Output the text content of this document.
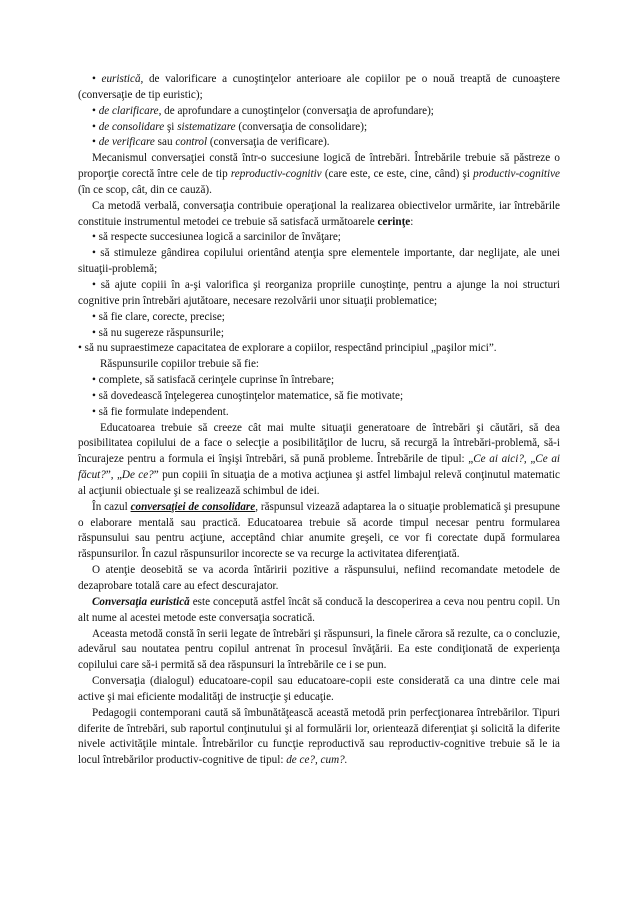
• euristică, de valorificare a cunoştinţelor anterioare ale copiilor pe o nouă treaptă de cunoaştere (conversaţie de tip euristic);

• de clarificare, de aprofundare a cunoştinţelor (conversaţia de aprofundare);

• de consolidare şi sistematizare (conversaţia de consolidare);

• de verificare sau control (conversaţia de verificare).

Mecanismul conversaţiei constă într-o succesiune logică de întrebări. Întrebările trebuie să păstreze o proporţie corectă între cele de tip reproductiv-cognitiv (care este, ce este, cine, când) şi productiv-cognitive (în ce scop, cât, din ce cauză).

Ca metodă verbală, conversaţia contribuie operaţional la realizarea obiectivelor urmărite, iar întrebările constituie instrumentul metodei ce trebuie să satisfacă următoarele cerinţe:

• să respecte succesiunea logică a sarcinilor de învăţare;

• să stimuleze gândirea copilului orientând atenţia spre elementele importante, dar neglijate, ale unei situaţii-problemă;

• să ajute copiii în a-şi valorifica şi reorganiza propriile cunoştinţe, pentru a ajunge la noi structuri cognitive prin întrebări ajutătoare, necesare rezolvării unor situaţii problematice;

• să fie clare, corecte, precise;

• să nu sugereze răspunsurile;

• să nu supraestimeze capacitatea de explorare a copiilor, respectând principiul „paşilor mici”.

Răspunsurile copiilor trebuie să fie:

• complete, să satisfacă cerinţele cuprinse în întrebare;

• să dovedească înţelegerea cunoştinţelor matematice, să fie motivate;

• să fie formulate independent.

Educatoarea trebuie să creeze cât mai multe situaţii generatoare de întrebări şi căutări, să dea posibilitatea copilului de a face o selecţie a posibilităţilor de lucru, să recurgă la întrebări-problemă, să-i încurajeze pentru a formula ei înşişi întrebări, să pună probleme. Întrebările de tipul: „Ce ai aici?, „Ce ai făcut?”, „De ce?” pun copiii în situaţia de a motiva acţiunea şi astfel limbajul relevă conţinutul matematic al acţiunii obiectuale şi se realizează schimbul de idei.

În cazul conversaţiei de consolidare, răspunsul vizează adaptarea la o situaţie problematică şi presupune o elaborare mentală sau practică. Educatoarea trebuie să acorde timpul necesar pentru formularea răspunsului sau pentru acţiune, acceptând chiar anumite greşeli, ce vor fi corectate după formularea răspunsurilor. În cazul răspunsurilor incorecte se va recurge la activitatea diferenţiată.

O atenţie deosebită se va acorda întăririi pozitive a răspunsului, nefiind recomandate metodele de dezaprobare totală care au efect descurajator.

Conversaţia euristică este concepută astfel încât să conducă la descoperirea a ceva nou pentru copil. Un alt nume al acestei metode este conversaţia socratică.

Aceasta metodă constă în serii legate de întrebări şi răspunsuri, la finele cărora să rezulte, ca o concluzie, adevărul sau noutatea pentru copilul antrenat în procesul învăţării. Ea este condiţionată de experienţa copilului care să-i permită să dea răspunsuri la întrebările ce i se pun.

Conversaţia (dialogul) educatoare-copil sau educatoare-copii este considerată ca una dintre cele mai active şi mai eficiente modalităţi de instrucţie şi educaţie.

Pedagogii contemporani caută să îmbunătăţească această metodă prin perfecţionarea întrebărilor. Tipuri diferite de întrebări, sub raportul conţinutului şi al formulării lor, orientează diferenţiat şi solicită la diferite nivele activităţile mintale. Întrebărilor cu funcţie reproductivă sau reproductiv-cognitive trebuie să le ia locul întrebărilor productiv-cognitive de tipul: de ce?, cum?.
